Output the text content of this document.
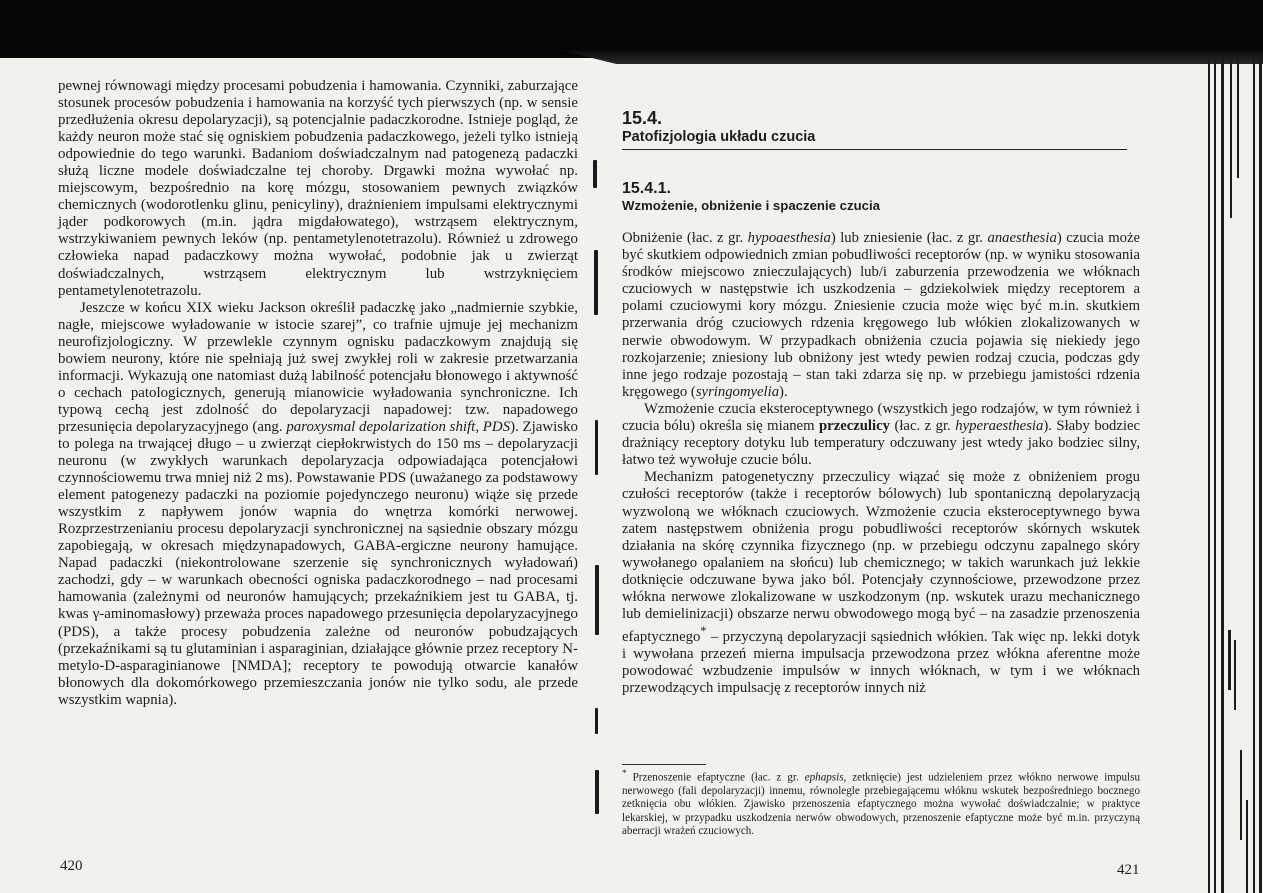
pewnej równowagi między procesami pobudzenia i hamowania. Czynniki, zaburzające stosunek procesów pobudzenia i hamowania na korzyść tych pierwszych (np. w sensie przedłużenia okresu depolaryzacji), są potencjalnie padaczkorodne. Istnieje pogląd, że każdy neuron może stać się ogniskiem pobudzenia padaczkowego, jeżeli tylko istnieją odpowiednie do tego warunki. Badaniom doświadczalnym nad patogenezą padaczki służą liczne modele doświadczalne tej choroby. Drgawki można wywołać np. miejscowym, bezpośrednio na korę mózgu, stosowaniem pewnych związków chemicznych (wodorotlenku glinu, penicyliny), drażnieniem impulsami elektrycznymi jąder podkorowych (m.in. jądra migdałowatego), wstrząsem elektrycznym, wstrzykiwaniem pewnych leków (np. pentametylenotetrazolu). Również u zdrowego człowieka napad padaczkowy można wywołać, podobnie jak u zwierząt doświadczalnych, wstrząsem elektrycznym lub wstrzyknięciem pentametylenotetrazolu.

Jeszcze w końcu XIX wieku Jackson określił padaczkę jako „nadmiernie szybkie, nagłe, miejscowe wyładowanie w istocie szarej”, co trafnie ujmuje jej mechanizm neurofizjologiczny. W przewlekle czynnym ognisku padaczkowym znajdują się bowiem neurony, które nie spełniają już swej zwykłej roli w zakresie przetwarzania informacji. Wykazują one natomiast dużą labilność potencjału błonowego i aktywność o cechach patologicznych, generują mianowicie wyładowania synchroniczne. Ich typową cechą jest zdolność do depolaryzacji napadowej: tzw. napadowego przesunięcia depolaryzacyjnego (ang. paroxysmal depolarization shift, PDS). Zjawisko to polega na trwającej długo – u zwierząt ciepłokrwistych do 150 ms – depolaryzacji neuronu (w zwykłych warunkach depolaryzacja odpowiadająca potencjałowi czynnościowemu trwa mniej niż 2 ms). Powstawanie PDS (uważanego za podstawowy element patogenezy padaczki na poziomie pojedynczego neuronu) wiąże się przede wszystkim z napływem jonów wapnia do wnętrza komórki nerwowej. Rozprzestrzenianiu procesu depolaryzacji synchronicznej na sąsiednie obszary mózgu zapobiegają, w okresach międzynapadowych, GABA-ergiczne neurony hamujące. Napad padaczki (niekontrolowane szerzenie się synchronicznych wyładowań) zachodzi, gdy – w warunkach obecności ogniska padaczkorodnego – nad procesami hamowania (zależnymi od neuronów hamujących; przekaźnikiem jest tu GABA, tj. kwas γ-aminomasłowy) przeważa proces napadowego przesunięcia depolaryzacyjnego (PDS), a także procesy pobudzenia zależne od neuronów pobudzających (przekaźnikami są tu glutaminian i asparaginian, działające głównie przez receptory N-metylo-D-asparaginianowe [NMDA]; receptory te powodują otwarcie kanałów błonowych dla dokomórkowego przemieszczania jonów nie tylko sodu, ale przede wszystkim wapnia).

420

15.4.

Patofizjologia układu czucia

15.4.1.

Wzmożenie, obniżenie i spaczenie czucia

Obniżenie (łac. z gr. hypoaesthesia) lub zniesienie (łac. z gr. anaesthesia) czucia może być skutkiem odpowiednich zmian pobudliwości receptorów (np. w wyniku stosowania środków miejscowo znieczulających) lub/i zaburzenia przewodzenia we włóknach czuciowych w następstwie ich uszkodzenia – gdziekolwiek między receptorem a polami czuciowymi kory mózgu. Zniesienie czucia może więc być m.in. skutkiem przerwania dróg czuciowych rdzenia kręgowego lub włókien zlokalizowanych w nerwie obwodowym. W przypadkach obniżenia czucia pojawia się niekiedy jego rozkojarzenie; zniesiony lub obniżony jest wtedy pewien rodzaj czucia, podczas gdy inne jego rodzaje pozostają – stan taki zdarza się np. w przebiegu jamistości rdzenia kręgowego (syringomyelia).

Wzmożenie czucia eksteroceptywnego (wszystkich jego rodzajów, w tym również i czucia bólu) określa się mianem przeczulicy (łac. z gr. hyperaesthesia). Słaby bodziec drażniący receptory dotyku lub temperatury odczuwany jest wtedy jako bodziec silny, łatwo też wywołuje czucie bólu.

Mechanizm patogenetyczny przeczulicy wiązać się może z obniżeniem progu czułości receptorów (także i receptorów bólowych) lub spontaniczną depolaryzacją wyzwoloną we włóknach czuciowych. Wzmożenie czucia eksteroceptywnego bywa zatem następstwem obniżenia progu pobudliwości receptorów skórnych wskutek działania na skórę czynnika fizycznego (np. w przebiegu odczynu zapalnego skóry wywołanego opalaniem na słońcu) lub chemicznego; w takich warunkach już lekkie dotknięcie odczuwane bywa jako ból. Potencjały czynnościowe, przewodzone przez włókna nerwowe zlokalizowane w uszkodzonym (np. wskutek urazu mechanicznego lub demielinizacji) obszarze nerwu obwodowego mogą być – na zasadzie przenoszenia efaptycznego* – przyczyną depolaryzacji sąsiednich włókien. Tak więc np. lekki dotyk i wywołana przezeń mierna impulsacja przewodzona przez włókna aferentne może powodować wzbudzenie impulsów w innych włóknach, w tym i we włóknach przewodzących impulsację z receptorów innych niż

* Przenoszenie efaptyczne (łac. z gr. ephapsis, zetknięcie) jest udzieleniem przez włókno nerwowe impulsu nerwowego (fali depolaryzacji) innemu, równolegle przebiegającemu włóknu wskutek bezpośredniego bocznego zetknięcia obu włókien. Zjawisko przenoszenia efaptycznego można wywołać doświadczalnie; w praktyce lekarskiej, w przypadku uszkodzenia nerwów obwodowych, przenoszenie efaptyczne może być m.in. przyczyną aberracji wrażeń czuciowych.

421
